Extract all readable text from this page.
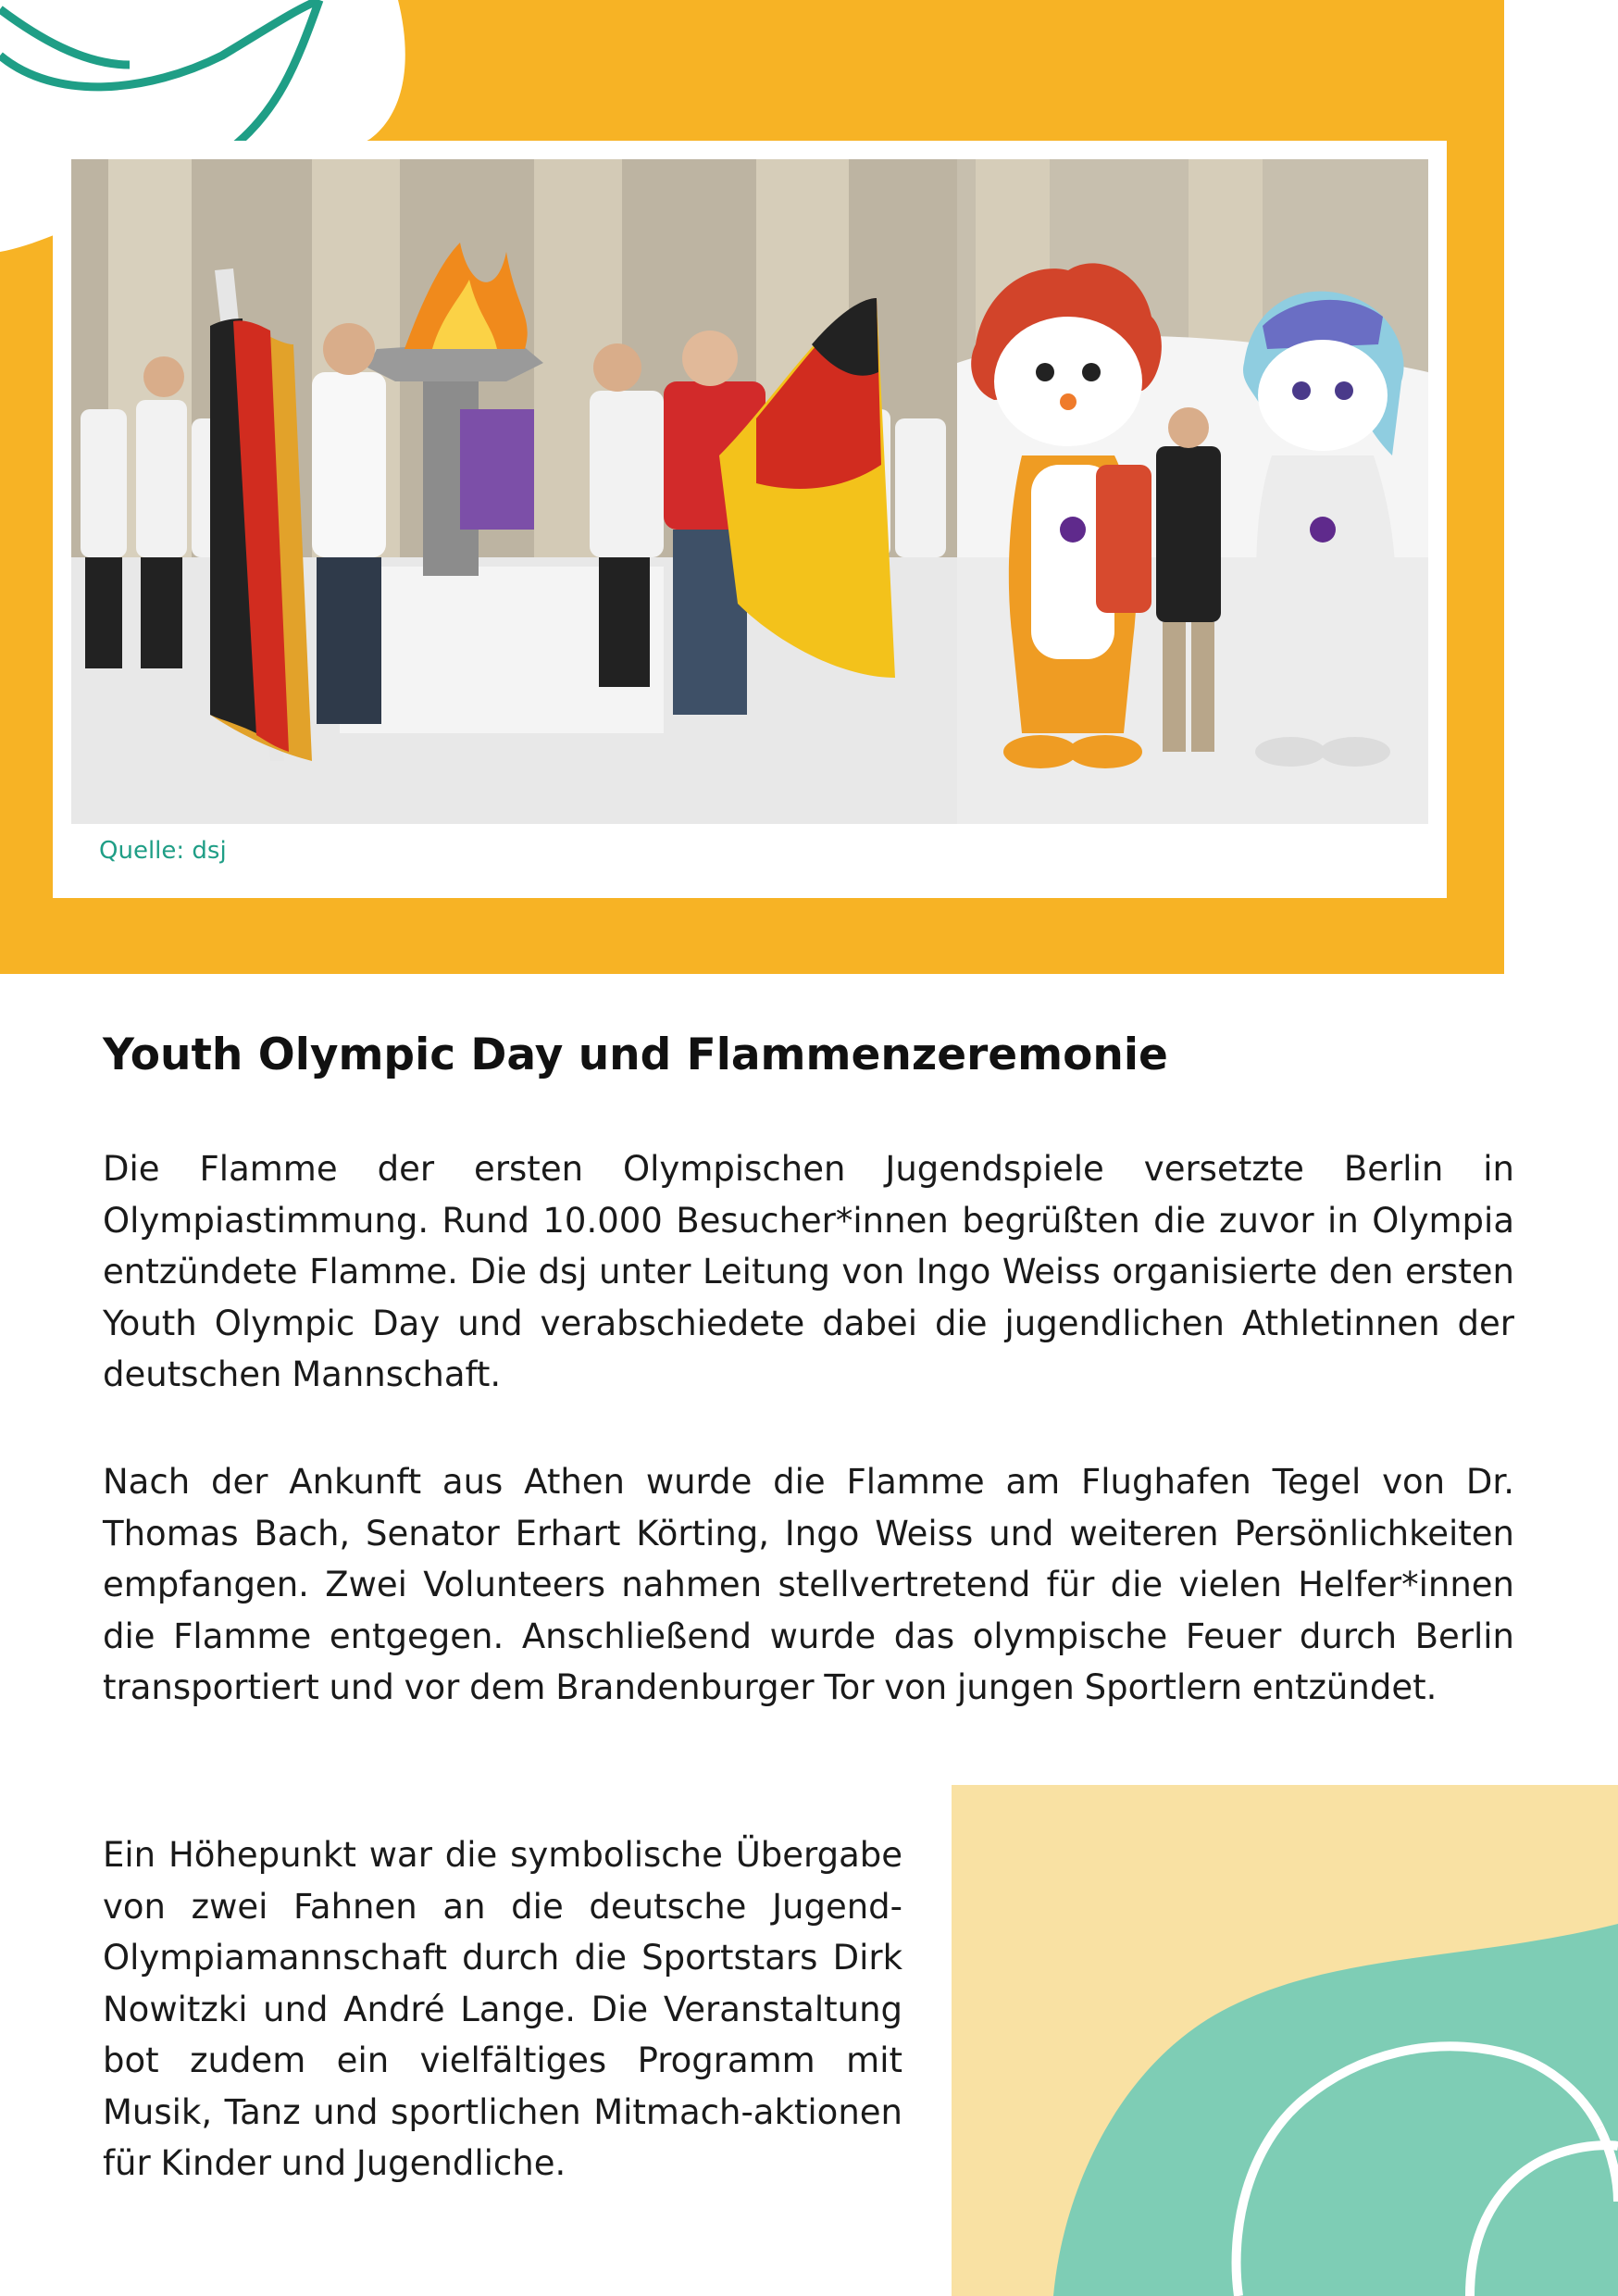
Quelle: dsj
Youth Olympic Day und Flammenzeremonie

Die Flamme der ersten Olympischen Jugendspiele versetzte Berlin in Olympiastimmung. Rund 10.000 Besucher*innen begrüßten die zuvor in Olympia entzündete Flamme. Die dsj unter Leitung von Ingo Weiss organisierte den ersten Youth Olympic Day und verabschiedete dabei die jugendlichen Athletinnen der deutschen Mannschaft.

Nach der Ankunft aus Athen wurde die Flamme am Flughafen Tegel von Dr. Thomas Bach, Senator Erhart Körting, Ingo Weiss und weiteren Persönlichkeiten empfangen. Zwei Volunteers nahmen stellvertretend für die vielen Helfer*innen die Flamme entgegen. Anschließend wurde das olympische Feuer durch Berlin transportiert und vor dem Brandenburger Tor von jungen Sportlern entzündet.

Ein Höhepunkt war die symbolische Übergabe von zwei Fahnen an die deutsche Jugend-Olympiamannschaft durch die Sportstars Dirk Nowitzki und André Lange. Die Veranstaltung bot zudem ein vielfältiges Programm mit Musik, Tanz und sportlichen Mitmach-aktionen für Kinder und Jugendliche.
